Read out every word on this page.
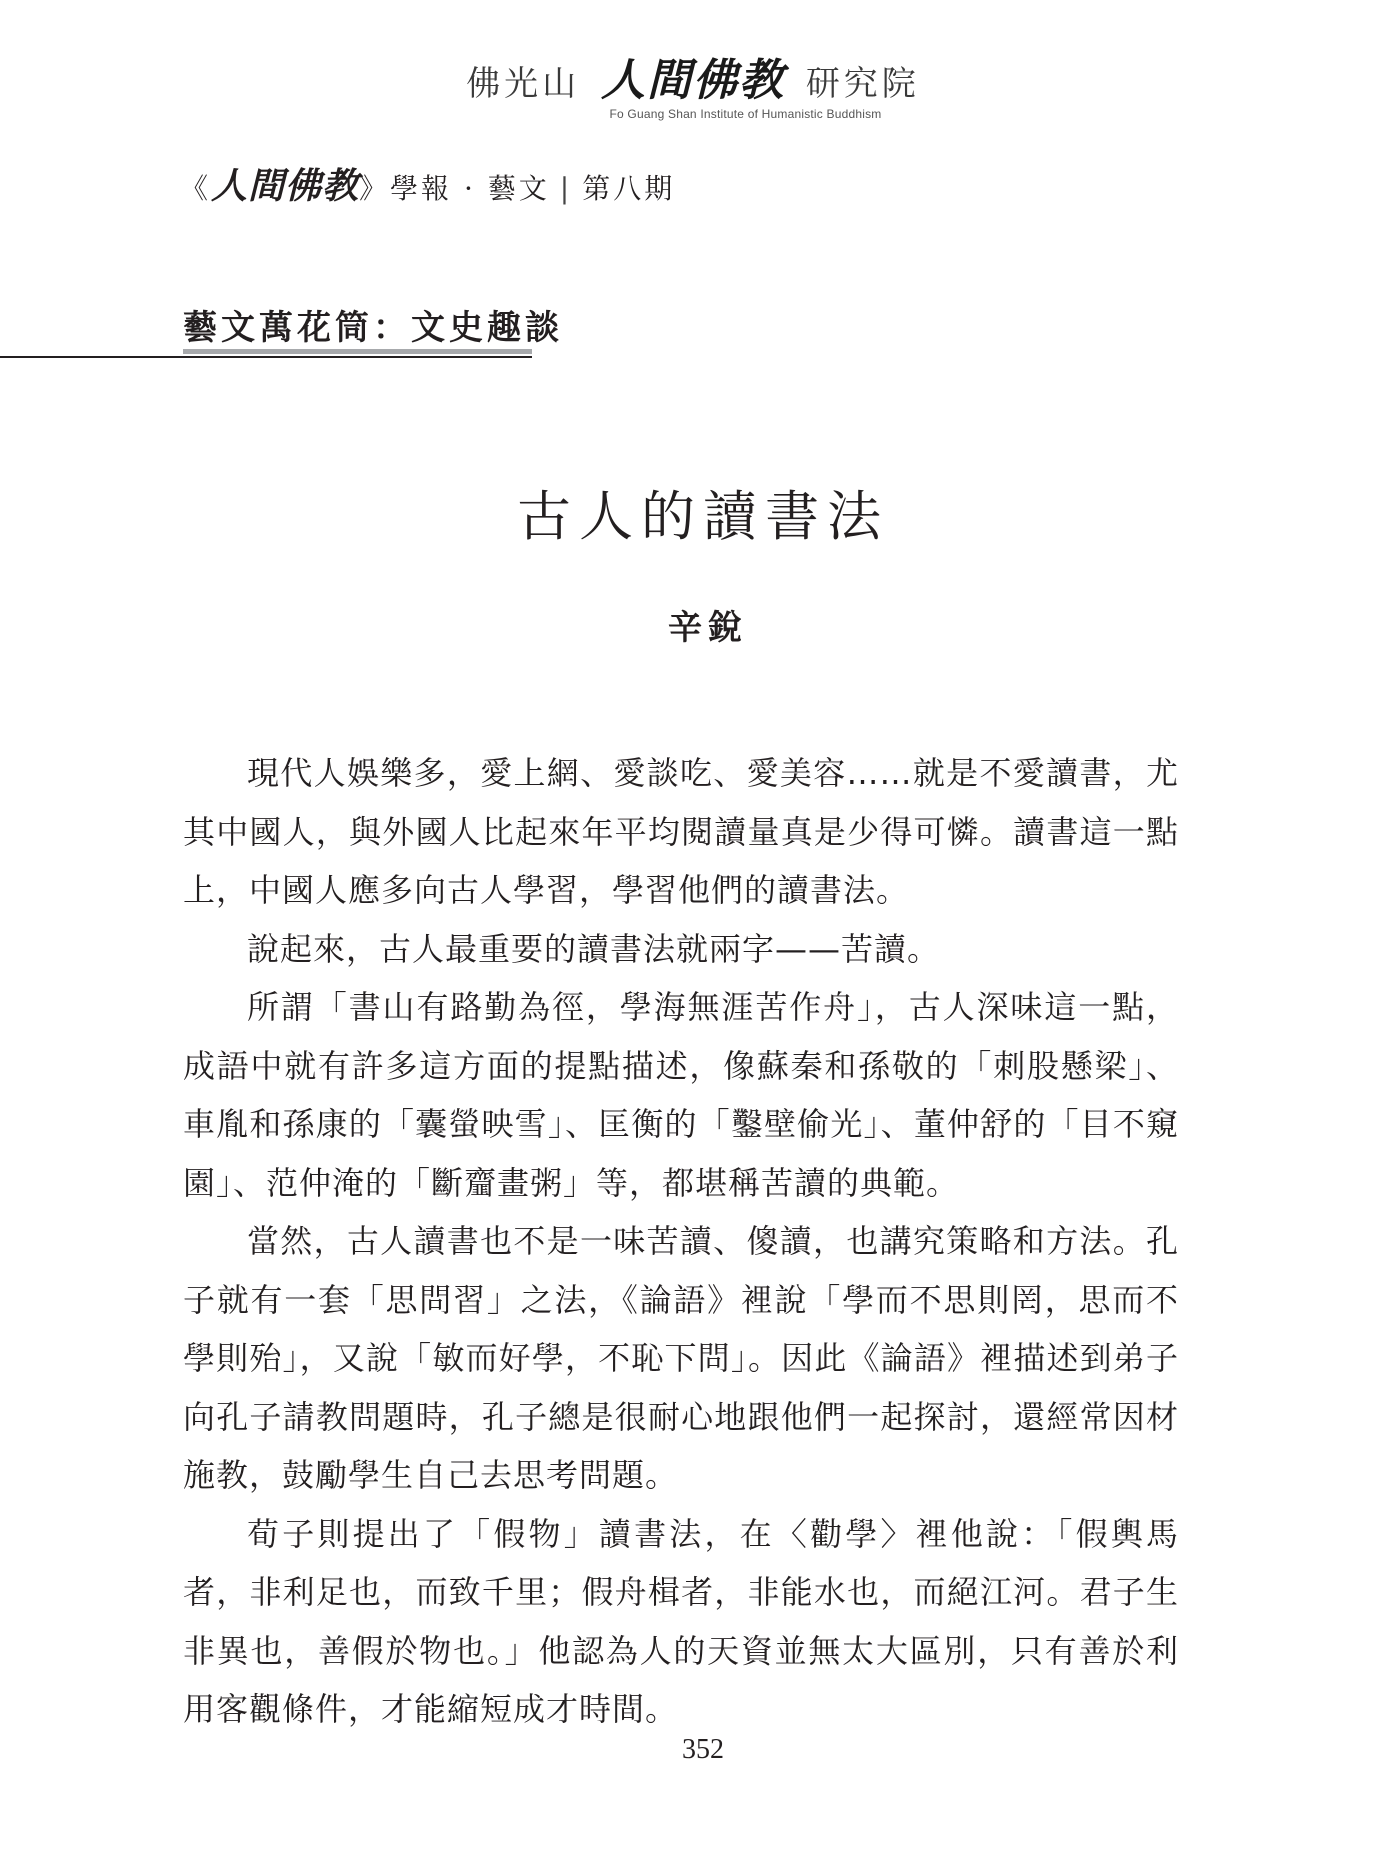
佛光山 人間佛教 研究院
Fo Guang Shan Institute of Humanistic Buddhism
《人間佛教》學報 · 藝文 | 第八期
藝文萬花筒：文史趣談
古人的讀書法
辛銳

現代人娛樂多，愛上網、愛談吃、愛美容……就是不愛讀書，尤其中國人，與外國人比起來年平均閱讀量真是少得可憐。讀書這一點上，中國人應多向古人學習，學習他們的讀書法。

說起來，古人最重要的讀書法就兩字——苦讀。

所謂「書山有路勤為徑，學海無涯苦作舟」，古人深味這一點，成語中就有許多這方面的提點描述，像蘇秦和孫敬的「刺股懸梁」、車胤和孫康的「囊螢映雪」、匡衡的「鑿壁偷光」、董仲舒的「目不窺園」、范仲淹的「斷齏畫粥」等，都堪稱苦讀的典範。

當然，古人讀書也不是一味苦讀、傻讀，也講究策略和方法。孔子就有一套「思問習」之法，《論語》裡說「學而不思則罔，思而不學則殆」，又說「敏而好學，不恥下問」。因此《論語》裡描述到弟子向孔子請教問題時，孔子總是很耐心地跟他們一起探討，還經常因材施教，鼓勵學生自己去思考問題。

荀子則提出了「假物」讀書法，在〈勸學〉裡他說：「假輿馬者，非利足也，而致千里；假舟楫者，非能水也，而絕江河。君子生非異也，善假於物也。」他認為人的天資並無太大區別，只有善於利用客觀條件，才能縮短成才時間。

352
